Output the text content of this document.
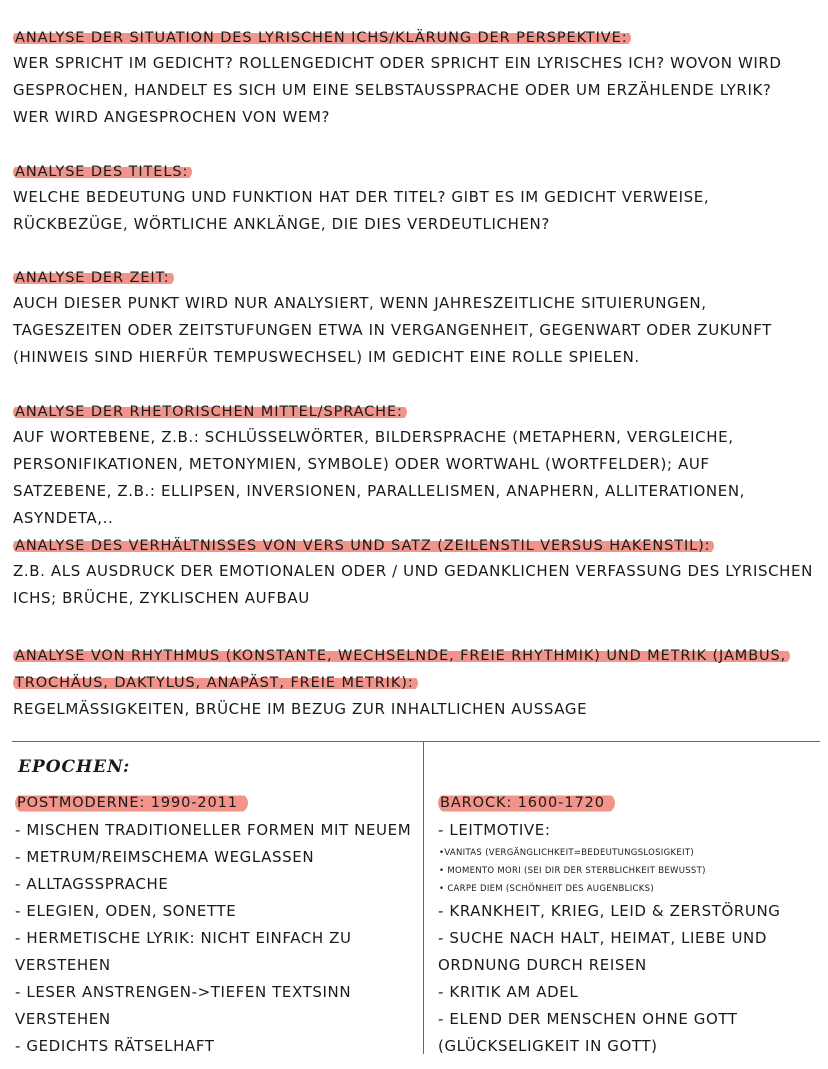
ANALYSE DER SITUATION DES LYRISCHEN ICHS/KLÄRUNG DER PERSPEKTIVE:
WER SPRICHT IM GEDICHT? ROLLENGEDICHT ODER SPRICHT EIN LYRISCHES ICH? WOVON WIRD GESPROCHEN, HANDELT ES SICH UM EINE SELBSTAUSSPRACHE ODER UM ERZÄHLENDE LYRIK? WER WIRD ANGESPROCHEN VON WEM?
ANALYSE DES TITELS:
WELCHE BEDEUTUNG UND FUNKTION HAT DER TITEL? GIBT ES IM GEDICHT VERWEISE, RÜCKBEZÜGE, WÖRTLICHE ANKLÄNGE, DIE DIES VERDEUTLICHEN?
ANALYSE DER ZEIT:
AUCH DIESER PUNKT WIRD NUR ANALYSIERT, WENN JAHRESZEITLICHE SITUIERUNGEN, TAGESZEITEN ODER ZEITSTUFUNGEN ETWA IN VERGANGENHEIT, GEGENWART ODER ZUKUNFT (HINWEIS SIND HIERFÜR TEMPUSWECHSEL) IM GEDICHT EINE ROLLE SPIELEN.
ANALYSE DER RHETORISCHEN MITTEL/SPRACHE:
AUF WORTEBENE, Z.B.: SCHLÜSSELWÖRTER, BILDERSPRACHE (METAPHERN, VERGLEICHE, PERSONIFIKATIONEN, METONYMIEN, SYMBOLE) ODER WORTWAHL (WORTFELDER); AUF SATZEBENE, Z.B.: ELLIPSEN, INVERSIONEN, PARALLELISMEN, ANAPHERN, ALLITERATIONEN, ASYNDETA,..
ANALYSE DES VERHÄLTNISSES VON VERS UND SATZ (ZEILENSTIL VERSUS HAKENSTIL):
Z.B. ALS AUSDRUCK DER EMOTIONALEN ODER / UND GEDANKLICHEN VERFASSUNG DES LYRISCHEN ICHS; BRÜCHE, ZYKLISCHEN AUFBAU
ANALYSE VON RHYTHMUS (KONSTANTE, WECHSELNDE, FREIE RHYTHMIK) UND METRIK (JAMBUS, TROCHÄUS, DAKTYLUS, ANAPÄST, FREIE METRIK):
REGELMÄSSIGKEITEN, BRÜCHE IM BEZUG ZUR INHALTLICHEN AUSSAGE
EPOCHEN:
POSTMODERNE: 1990-2011
- MISCHEN TRADITIONELLER FORMEN MIT NEUEM
- METRUM/REIMSCHEMA WEGLASSEN
- ALLTAGSSPRACHE
- ELEGIEN, ODEN, SONETTE
- HERMETISCHE LYRIK: NICHT EINFACH ZU
VERSTEHEN
- LESER ANSTRENGEN->TIEFEN TEXTSINN
VERSTEHEN
- GEDICHTS RÄTSELHAFT
BAROCK: 1600-1720
- LEITMOTIVE:
•VANITAS (VERGÄNGLICHKEIT=BEDEUTUNGSLOSIGKEIT)
• MOMENTO MORI (SEI DIR DER STERBLICHKEIT BEWUSST)
• CARPE DIEM (SCHÖNHEIT DES AUGENBLICKS)
- KRANKHEIT, KRIEG, LEID & ZERSTÖRUNG
- SUCHE NACH HALT, HEIMAT, LIEBE UND
ORDNUNG DURCH REISEN
- KRITIK AM ADEL
- ELEND DER MENSCHEN OHNE GOTT
(GLÜCKSELIGKEIT IN GOTT)
